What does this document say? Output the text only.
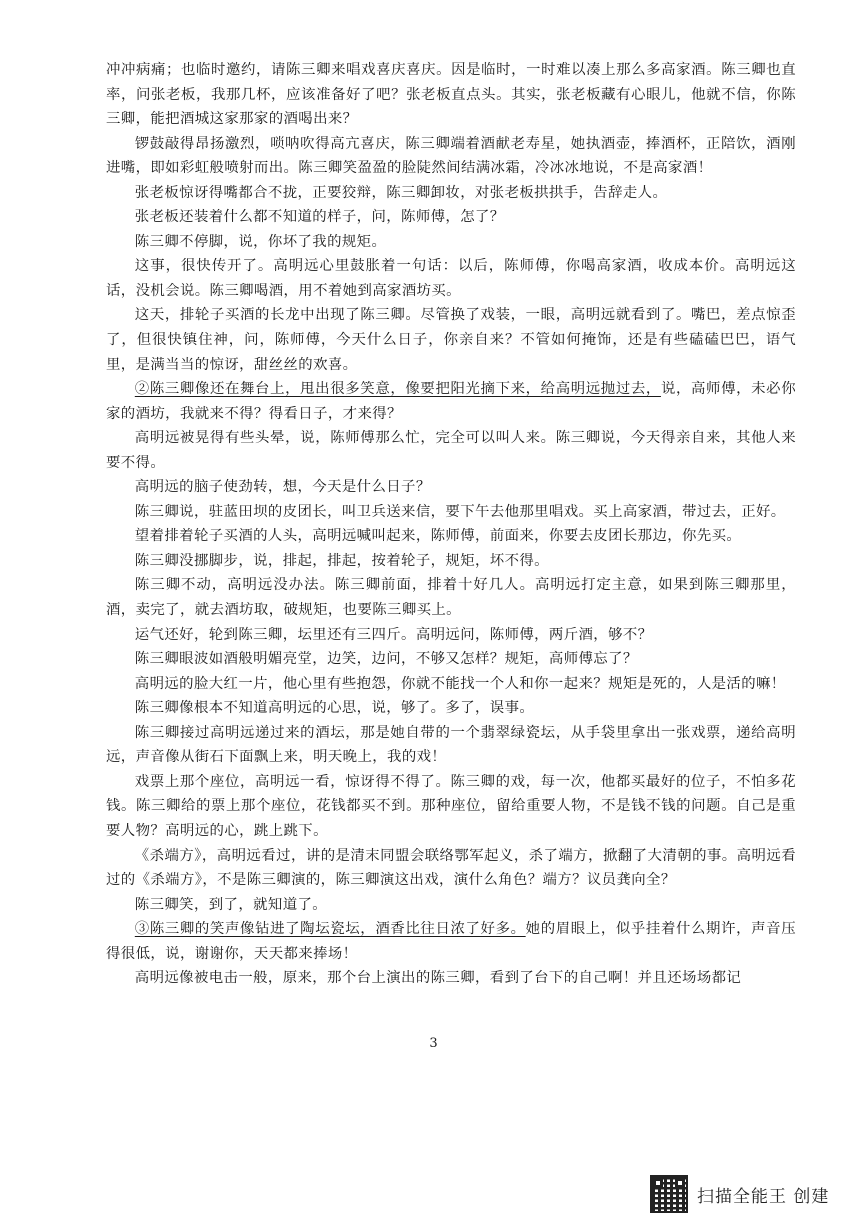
冲冲病痛；也临时邀约，请陈三卿来唱戏喜庆喜庆。因是临时，一时难以凑上那么多高家酒。陈三卿也直率，问张老板，我那几杯，应该准备好了吧？张老板直点头。其实，张老板藏有心眼儿，他就不信，你陈三卿，能把酒城这家那家的酒喝出来？

锣鼓敲得昂扬激烈，唢呐吹得高亢喜庆，陈三卿端着酒献老寿星，她执酒壶，捧酒杯，正陪饮，酒刚进嘴，即如彩虹般喷射而出。陈三卿笑盈盈的脸陡然间结满冰霜，冷冰冰地说，不是高家酒！

张老板惊讶得嘴都合不拢，正要狡辩，陈三卿卸妆，对张老板拱拱手，告辞走人。

张老板还装着什么都不知道的样子，问，陈师傅，怎了？

陈三卿不停脚，说，你坏了我的规矩。

这事，很快传开了。高明远心里鼓胀着一句话：以后，陈师傅，你喝高家酒，收成本价。高明远这话，没机会说。陈三卿喝酒，用不着她到高家酒坊买。

这天，排轮子买酒的长龙中出现了陈三卿。尽管换了戏装，一眼，高明远就看到了。嘴巴，差点惊歪了，但很快镇住神，问，陈师傅，今天什么日子，你亲自来？不管如何掩饰，还是有些磕磕巴巴，语气里，是满当当的惊讶，甜丝丝的欢喜。

②陈三卿像还在舞台上，甩出很多笑意，像要把阳光摘下来，给高明远抛过去，说，高师傅，未必你家的酒坊，我就来不得？得看日子，才来得？

高明远被晃得有些头晕，说，陈师傅那么忙，完全可以叫人来。陈三卿说，今天得亲自来，其他人来要不得。

高明远的脑子使劲转，想，今天是什么日子？

陈三卿说，驻蓝田坝的皮团长，叫卫兵送来信，要下午去他那里唱戏。买上高家酒，带过去，正好。

望着排着轮子买酒的人头，高明远喊叫起来，陈师傅，前面来，你要去皮团长那边，你先买。

陈三卿没挪脚步，说，排起，排起，按着轮子，规矩，坏不得。

陈三卿不动，高明远没办法。陈三卿前面，排着十好几人。高明远打定主意，如果到陈三卿那里，酒，卖完了，就去酒坊取，破规矩，也要陈三卿买上。

运气还好，轮到陈三卿，坛里还有三四斤。高明远问，陈师傅，两斤酒，够不？

陈三卿眼波如酒般明媚亮堂，边笑，边问，不够又怎样？规矩，高师傅忘了？

高明远的脸大红一片，他心里有些抱怨，你就不能找一个人和你一起来？规矩是死的，人是活的嘛！

陈三卿像根本不知道高明远的心思，说，够了。多了，误事。

陈三卿接过高明远递过来的酒坛，那是她自带的一个翡翠绿瓷坛，从手袋里拿出一张戏票，递给高明远，声音像从街石下面飘上来，明天晚上，我的戏！

戏票上那个座位，高明远一看，惊讶得不得了。陈三卿的戏，每一次，他都买最好的位子，不怕多花钱。陈三卿给的票上那个座位，花钱都买不到。那种座位，留给重要人物，不是钱不钱的问题。自己是重要人物？高明远的心，跳上跳下。

《杀端方》，高明远看过，讲的是清末同盟会联络鄂军起义，杀了端方，掀翻了大清朝的事。高明远看过的《杀端方》，不是陈三卿演的，陈三卿演这出戏，演什么角色？端方？议员龚向全？

陈三卿笑，到了，就知道了。

③陈三卿的笑声像钻进了陶坛瓷坛，酒香比往日浓了好多。她的眉眼上，似乎挂着什么期许，声音压得很低，说，谢谢你，天天都来捧场！

高明远像被电击一般，原来，那个台上演出的陈三卿，看到了台下的自己啊！并且还场场都记

3
扫描全能王 创建
